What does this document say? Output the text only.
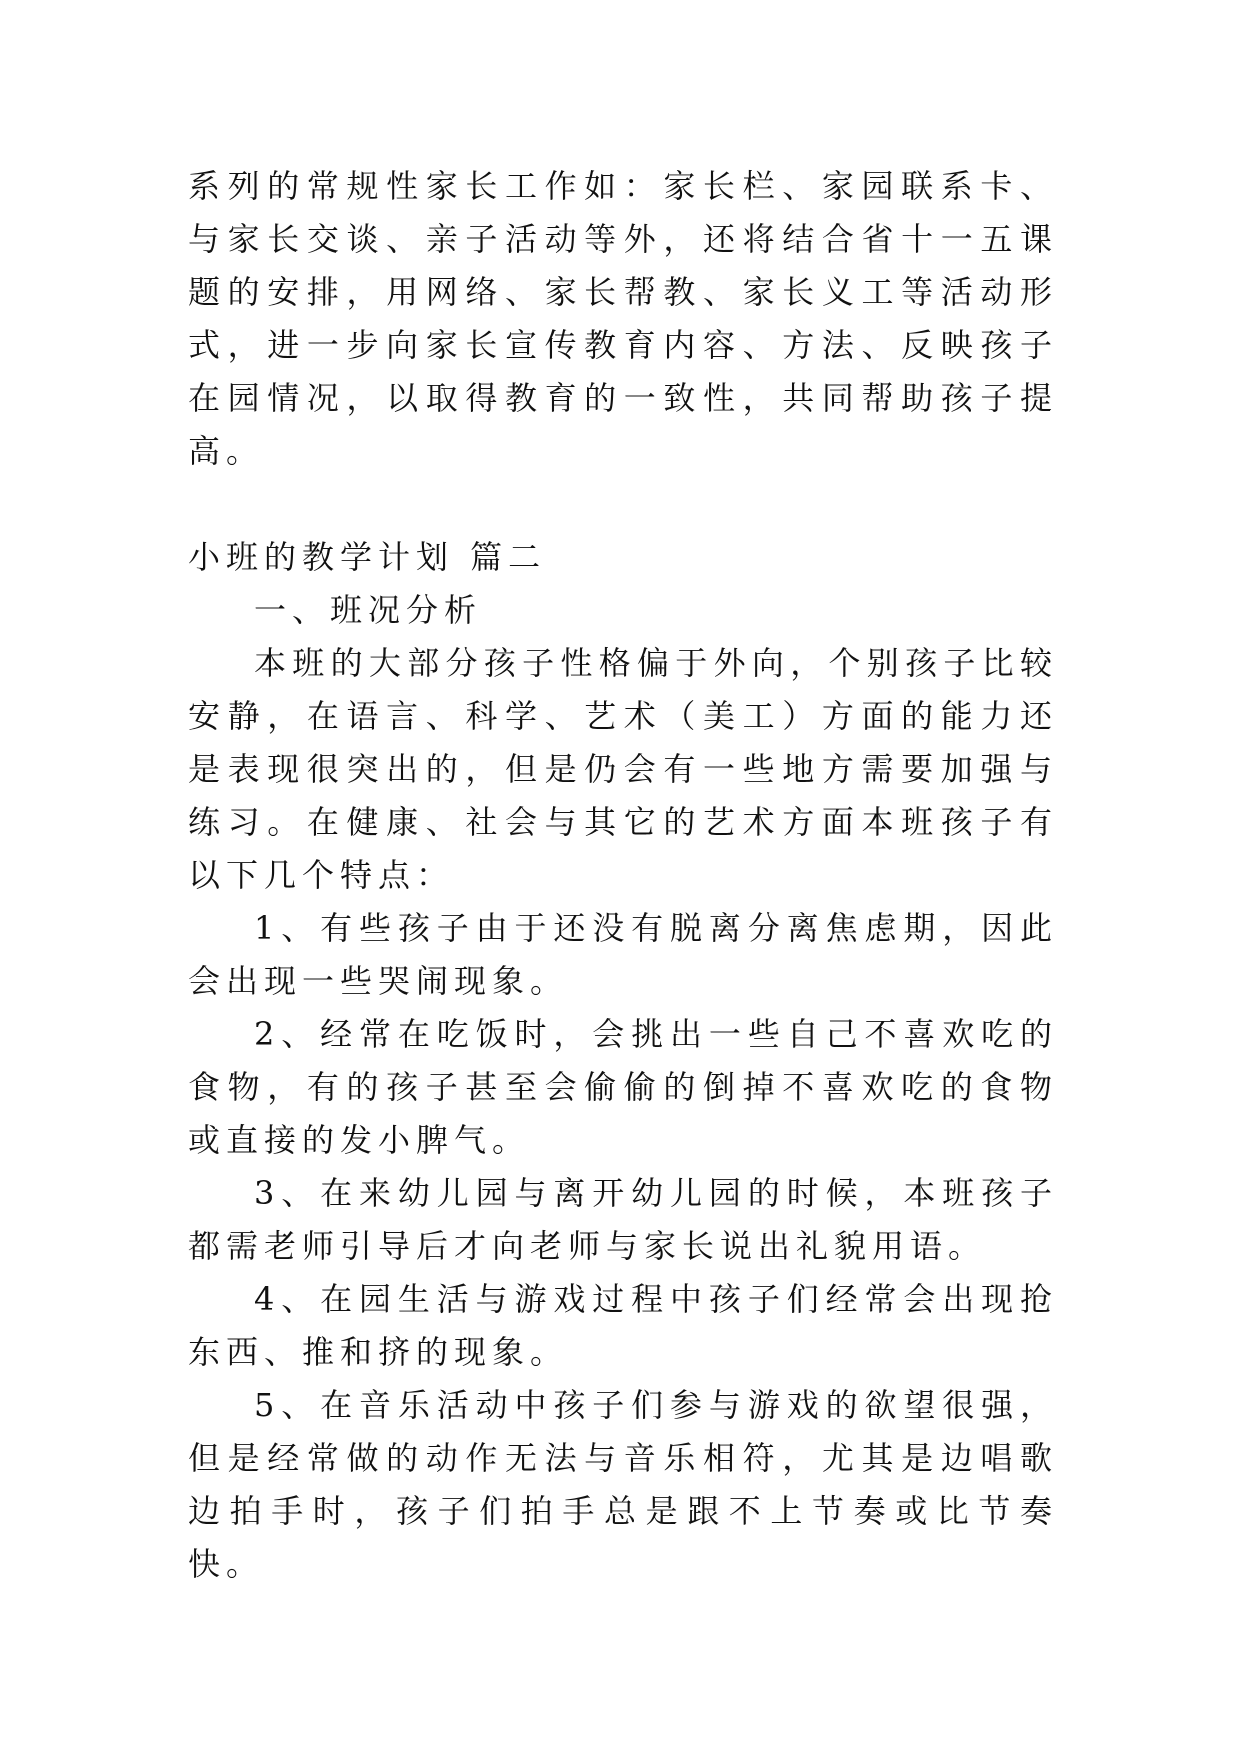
系列的常规性家长工作如：家长栏、家园联系卡、与家长交谈、亲子活动等外，还将结合省十一五课题的安排，用网络、家长帮教、家长义工等活动形式，进一步向家长宣传教育内容、方法、反映孩子在园情况，以取得教育的一致性，共同帮助孩子提高。

小班的教学计划 篇二

一、班况分析

本班的大部分孩子性格偏于外向，个别孩子比较安静，在语言、科学、艺术（美工）方面的能力还是表现很突出的，但是仍会有一些地方需要加强与练习。在健康、社会与其它的艺术方面本班孩子有以下几个特点：

1、有些孩子由于还没有脱离分离焦虑期，因此会出现一些哭闹现象。

2、经常在吃饭时，会挑出一些自己不喜欢吃的食物，有的孩子甚至会偷偷的倒掉不喜欢吃的食物或直接的发小脾气。

3、在来幼儿园与离开幼儿园的时候，本班孩子都需老师引导后才向老师与家长说出礼貌用语。

4、在园生活与游戏过程中孩子们经常会出现抢东西、推和挤的现象。

5、在音乐活动中孩子们参与游戏的欲望很强，但是经常做的动作无法与音乐相符，尤其是边唱歌边拍手时，孩子们拍手总是跟不上节奏或比节奏快。
